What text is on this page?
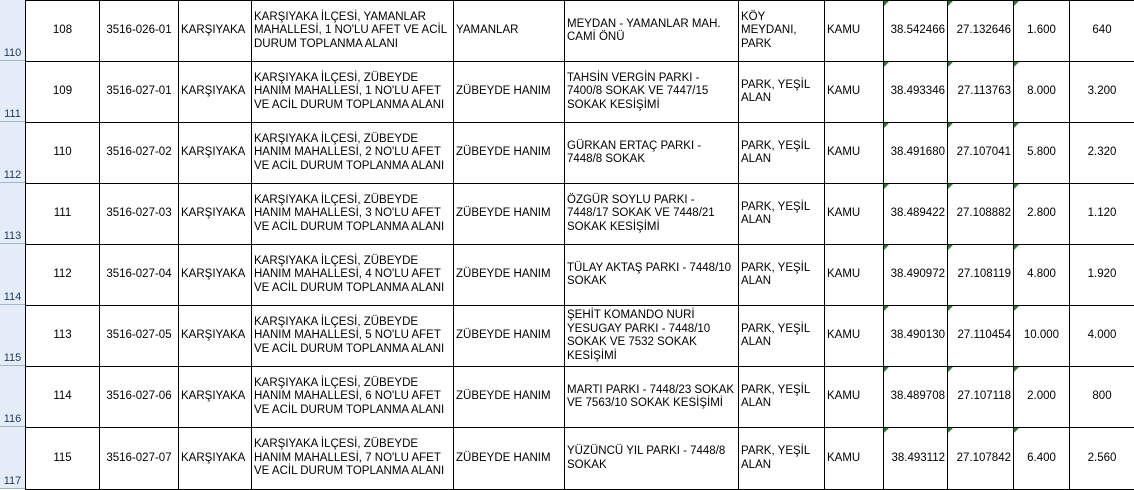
110
111
112
113
114
115
116
117
108	3516-026-01	KARŞIYAKA	KARŞIYAKA İLÇESİ, YAMANLAR MAHALLESİ, 1 NO'LU AFET VE ACİL DURUM TOPLANMA ALANI	YAMANLAR	MEYDAN - YAMANLAR MAH. CAMİ ÖNÜ	KÖY MEYDANI, PARK	KAMU	38.542466	27.132646	1.600	640
109	3516-027-01	KARŞIYAKA	KARŞIYAKA İLÇESİ, ZÜBEYDE HANIM MAHALLESİ, 1 NO'LU AFET VE ACİL DURUM TOPLANMA ALANI	ZÜBEYDE HANIM	TAHSİN VERGİN PARKI - 7400/8 SOKAK VE 7447/15 SOKAK KESİŞİMİ	PARK, YEŞİL ALAN	KAMU	38.493346	27.113763	8.000	3.200
110	3516-027-02	KARŞIYAKA	KARŞIYAKA İLÇESİ, ZÜBEYDE HANIM MAHALLESİ, 2 NO'LU AFET VE ACİL DURUM TOPLANMA ALANI	ZÜBEYDE HANIM	GÜRKAN ERTAÇ PARKI - 7448/8 SOKAK	PARK, YEŞİL ALAN	KAMU	38.491680	27.107041	5.800	2.320
111	3516-027-03	KARŞIYAKA	KARŞIYAKA İLÇESİ, ZÜBEYDE HANIM MAHALLESİ, 3 NO'LU AFET VE ACİL DURUM TOPLANMA ALANI	ZÜBEYDE HANIM	ÖZGÜR SOYLU PARKI - 7448/17 SOKAK VE 7448/21 SOKAK KESİŞİMİ	PARK, YEŞİL ALAN	KAMU	38.489422	27.108882	2.800	1.120
112	3516-027-04	KARŞIYAKA	KARŞIYAKA İLÇESİ, ZÜBEYDE HANIM MAHALLESİ, 4 NO'LU AFET VE ACİL DURUM TOPLANMA ALANI	ZÜBEYDE HANIM	TÜLAY AKTAŞ PARKI - 7448/10 SOKAK	PARK, YEŞİL ALAN	KAMU	38.490972	27.108119	4.800	1.920
113	3516-027-05	KARŞIYAKA	KARŞIYAKA İLÇESİ, ZÜBEYDE HANIM MAHALLESİ, 5 NO'LU AFET VE ACİL DURUM TOPLANMA ALANI	ZÜBEYDE HANIM	ŞEHİT KOMANDO NURİ YESUGAY PARKI - 7448/10 SOKAK VE 7532 SOKAK KESİŞİMİ	PARK, YEŞİL ALAN	KAMU	38.490130	27.110454	10.000	4.000
114	3516-027-06	KARŞIYAKA	KARŞIYAKA İLÇESİ, ZÜBEYDE HANIM MAHALLESİ, 6 NO'LU AFET VE ACİL DURUM TOPLANMA ALANI	ZÜBEYDE HANIM	MARTI PARKI - 7448/23 SOKAK VE 7563/10 SOKAK KESİŞİMİ	PARK, YEŞİL ALAN	KAMU	38.489708	27.107118	2.000	800
115	3516-027-07	KARŞIYAKA	KARŞIYAKA İLÇESİ, ZÜBEYDE HANIM MAHALLESİ, 7 NO'LU AFET VE ACİL DURUM TOPLANMA ALANI	ZÜBEYDE HANIM	YÜZÜNCÜ YIL PARKI - 7448/8 SOKAK	PARK, YEŞİL ALAN	KAMU	38.493112	27.107842	6.400	2.560
